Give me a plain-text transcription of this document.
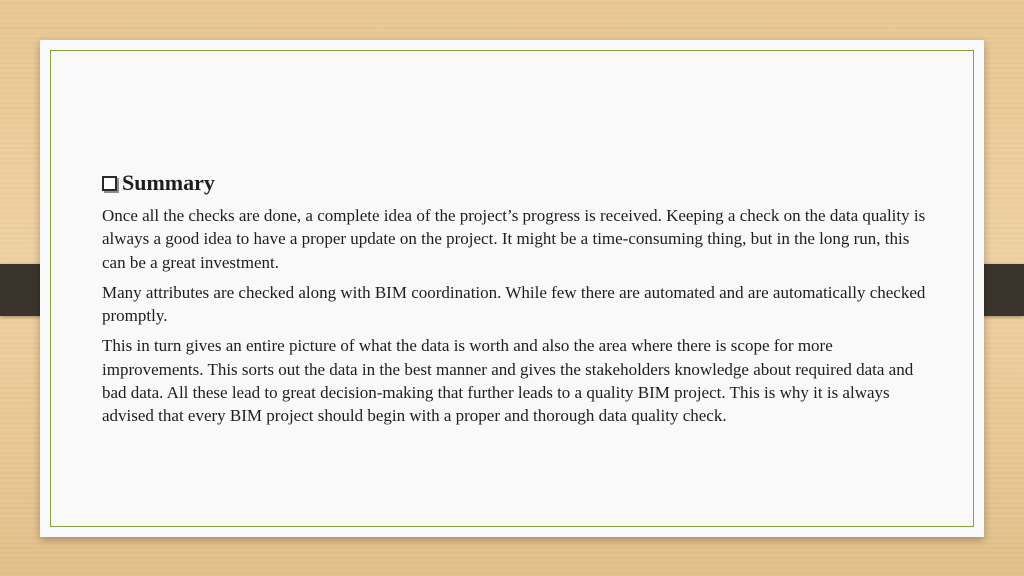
Summary

Once all the checks are done, a complete idea of the project’s progress is received. Keeping a check on the data quality is always a good idea to have a proper update on the project. It might be a time-consuming thing, but in the long run, this can be a great investment.

Many attributes are checked along with BIM coordination. While few there are automated and are automatically checked promptly.

This in turn gives an entire picture of what the data is worth and also the area where there is scope for more improvements. This sorts out the data in the best manner and gives the stakeholders knowledge about required data and bad data. All these lead to great decision-making that further leads to a quality BIM project. This is why it is always advised that every BIM project should begin with a proper and thorough data quality check.
